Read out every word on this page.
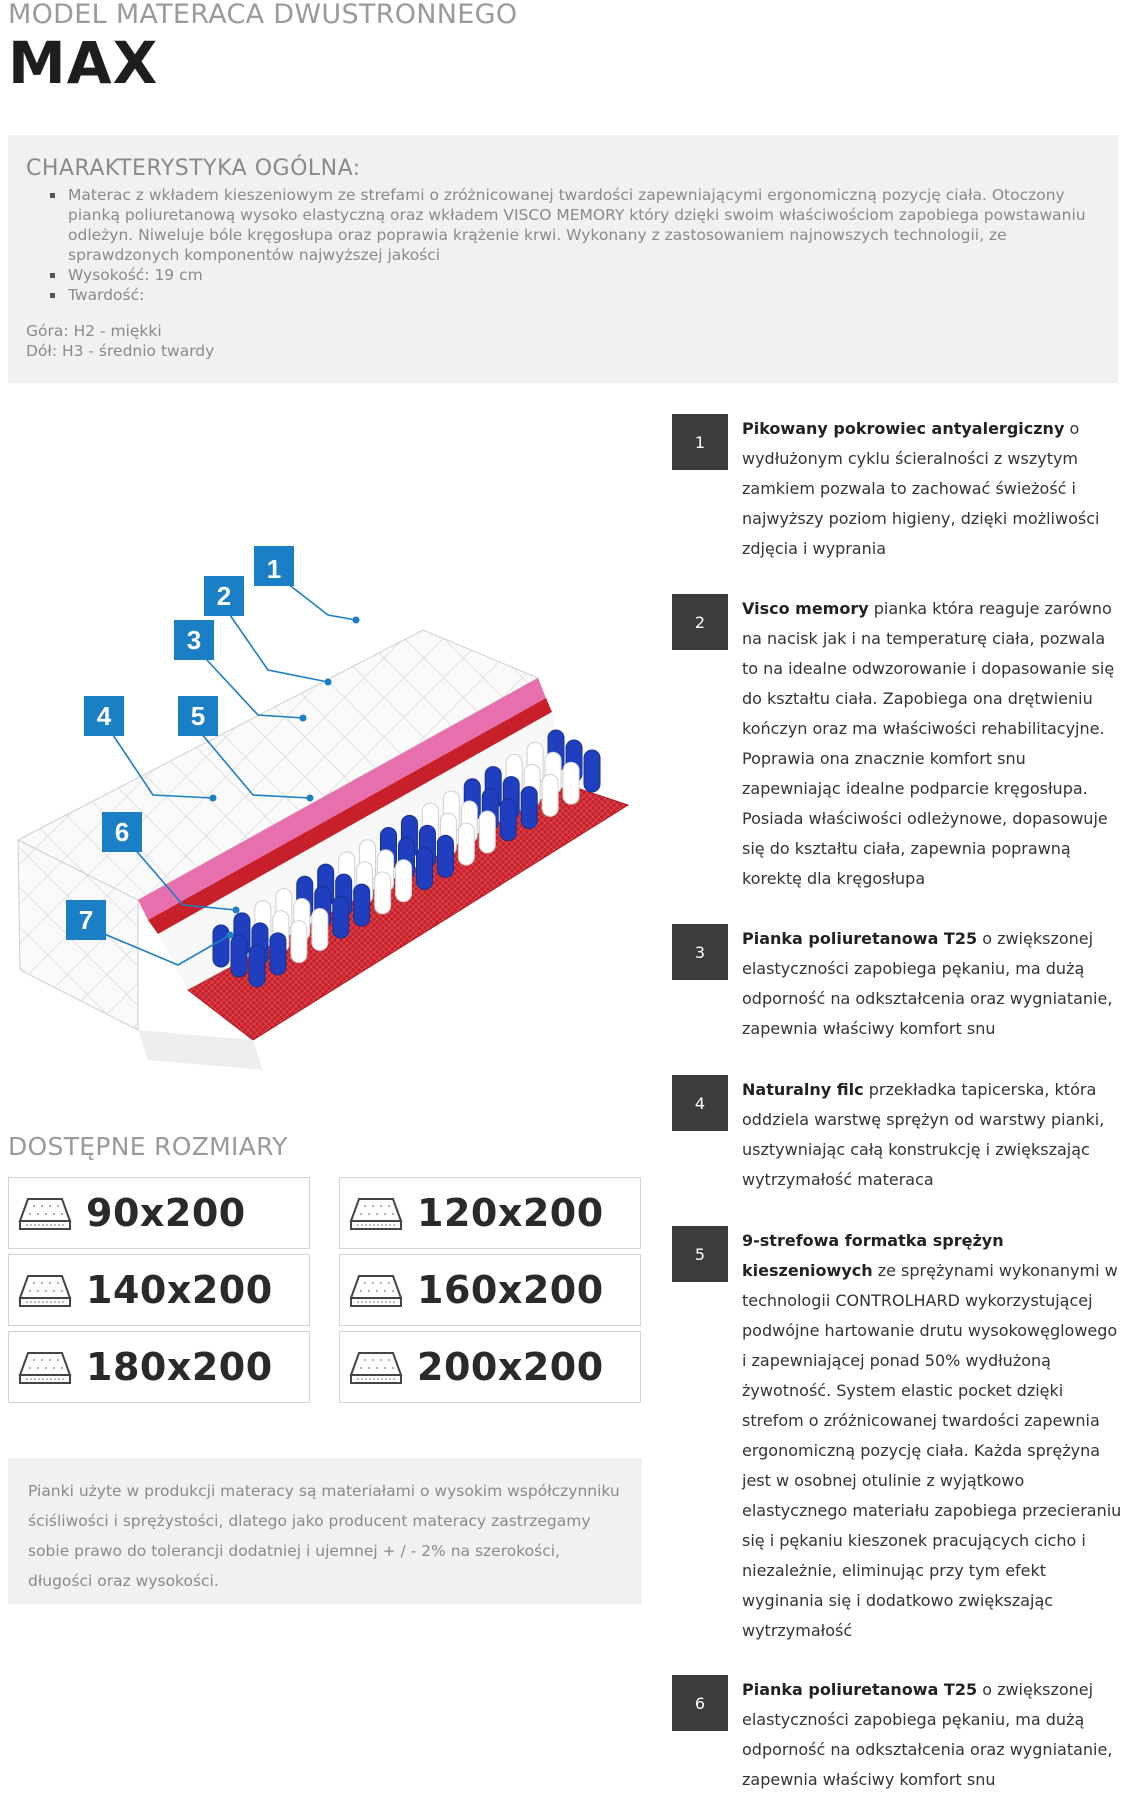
MODEL MATERACA DWUSTRONNEGO
MAX
CHARAKTERYSTYKA OGÓLNA:
Materac z wkładem kieszeniowym ze strefami o zróżnicowanej twardości zapewniającymi ergonomiczną pozycję ciała. Otoczony pianką poliuretanową wysoko elastyczną oraz wkładem VISCO MEMORY który dzięki swoim właściwościom zapobiega powstawaniu odleżyn. Niweluje bóle kręgosłupa oraz poprawia krążenie krwi. Wykonany z zastosowaniem najnowszych technologii, ze sprawdzonych komponentów najwyższej jakości
Wysokość: 19 cm
Twardość:
Góra: H2 - miękki
Dół: H3 - średnio twardy
1
2
3
4	5
6
7
DOSTĘPNE ROZMIARY
90x200	120x200
140x200	160x200
180x200	200x200
Pianki użyte w produkcji materacy są materiałami o wysokim współczynniku ściśliwości i sprężystości, dlatego jako producent materacy zastrzegamy sobie prawo do tolerancji dodatniej i ujemnej + / - 2% na szerokości, długości oraz wysokości.
1
Pikowany pokrowiec antyalergiczny o wydłużonym cyklu ścieralności z wszytym zamkiem pozwala to zachować świeżość i najwyższy poziom higieny, dzięki możliwości zdjęcia i wyprania
2
Visco memory pianka która reaguje zarówno na nacisk jak i na temperaturę ciała, pozwala to na idealne odwzorowanie i dopasowanie się do kształtu ciała. Zapobiega ona drętwieniu kończyn oraz ma właściwości rehabilitacyjne. Poprawia ona znacznie komfort snu zapewniając idealne podparcie kręgosłupa. Posiada właściwości odleżynowe, dopasowuje się do kształtu ciała, zapewnia poprawną korektę dla kręgosłupa
3
Pianka poliuretanowa T25 o zwiększonej elastyczności zapobiega pękaniu, ma dużą odporność na odkształcenia oraz wygniatanie, zapewnia właściwy komfort snu
4
Naturalny filc przekładka tapicerska, która oddziela warstwę sprężyn od warstwy pianki, usztywniając całą konstrukcję i zwiększając wytrzymałość materaca
5
9-strefowa formatka sprężyn kieszeniowych ze sprężynami wykonanymi w technologii CONTROLHARD wykorzystującej podwójne hartowanie drutu wysokowęglowego i zapewniającej ponad 50% wydłużoną żywotność. System elastic pocket dzięki strefom o zróżnicowanej twardości zapewnia ergonomiczną pozycję ciała. Każda sprężyna jest w osobnej otulinie z wyjątkowo elastycznego materiału zapobiega przecieraniu się i pękaniu kieszonek pracujących cicho i niezależnie, eliminując przy tym efekt wyginania się i dodatkowo zwiększając wytrzymałość
6
Pianka poliuretanowa T25 o zwiększonej elastyczności zapobiega pękaniu, ma dużą odporność na odkształcenia oraz wygniatanie, zapewnia właściwy komfort snu
